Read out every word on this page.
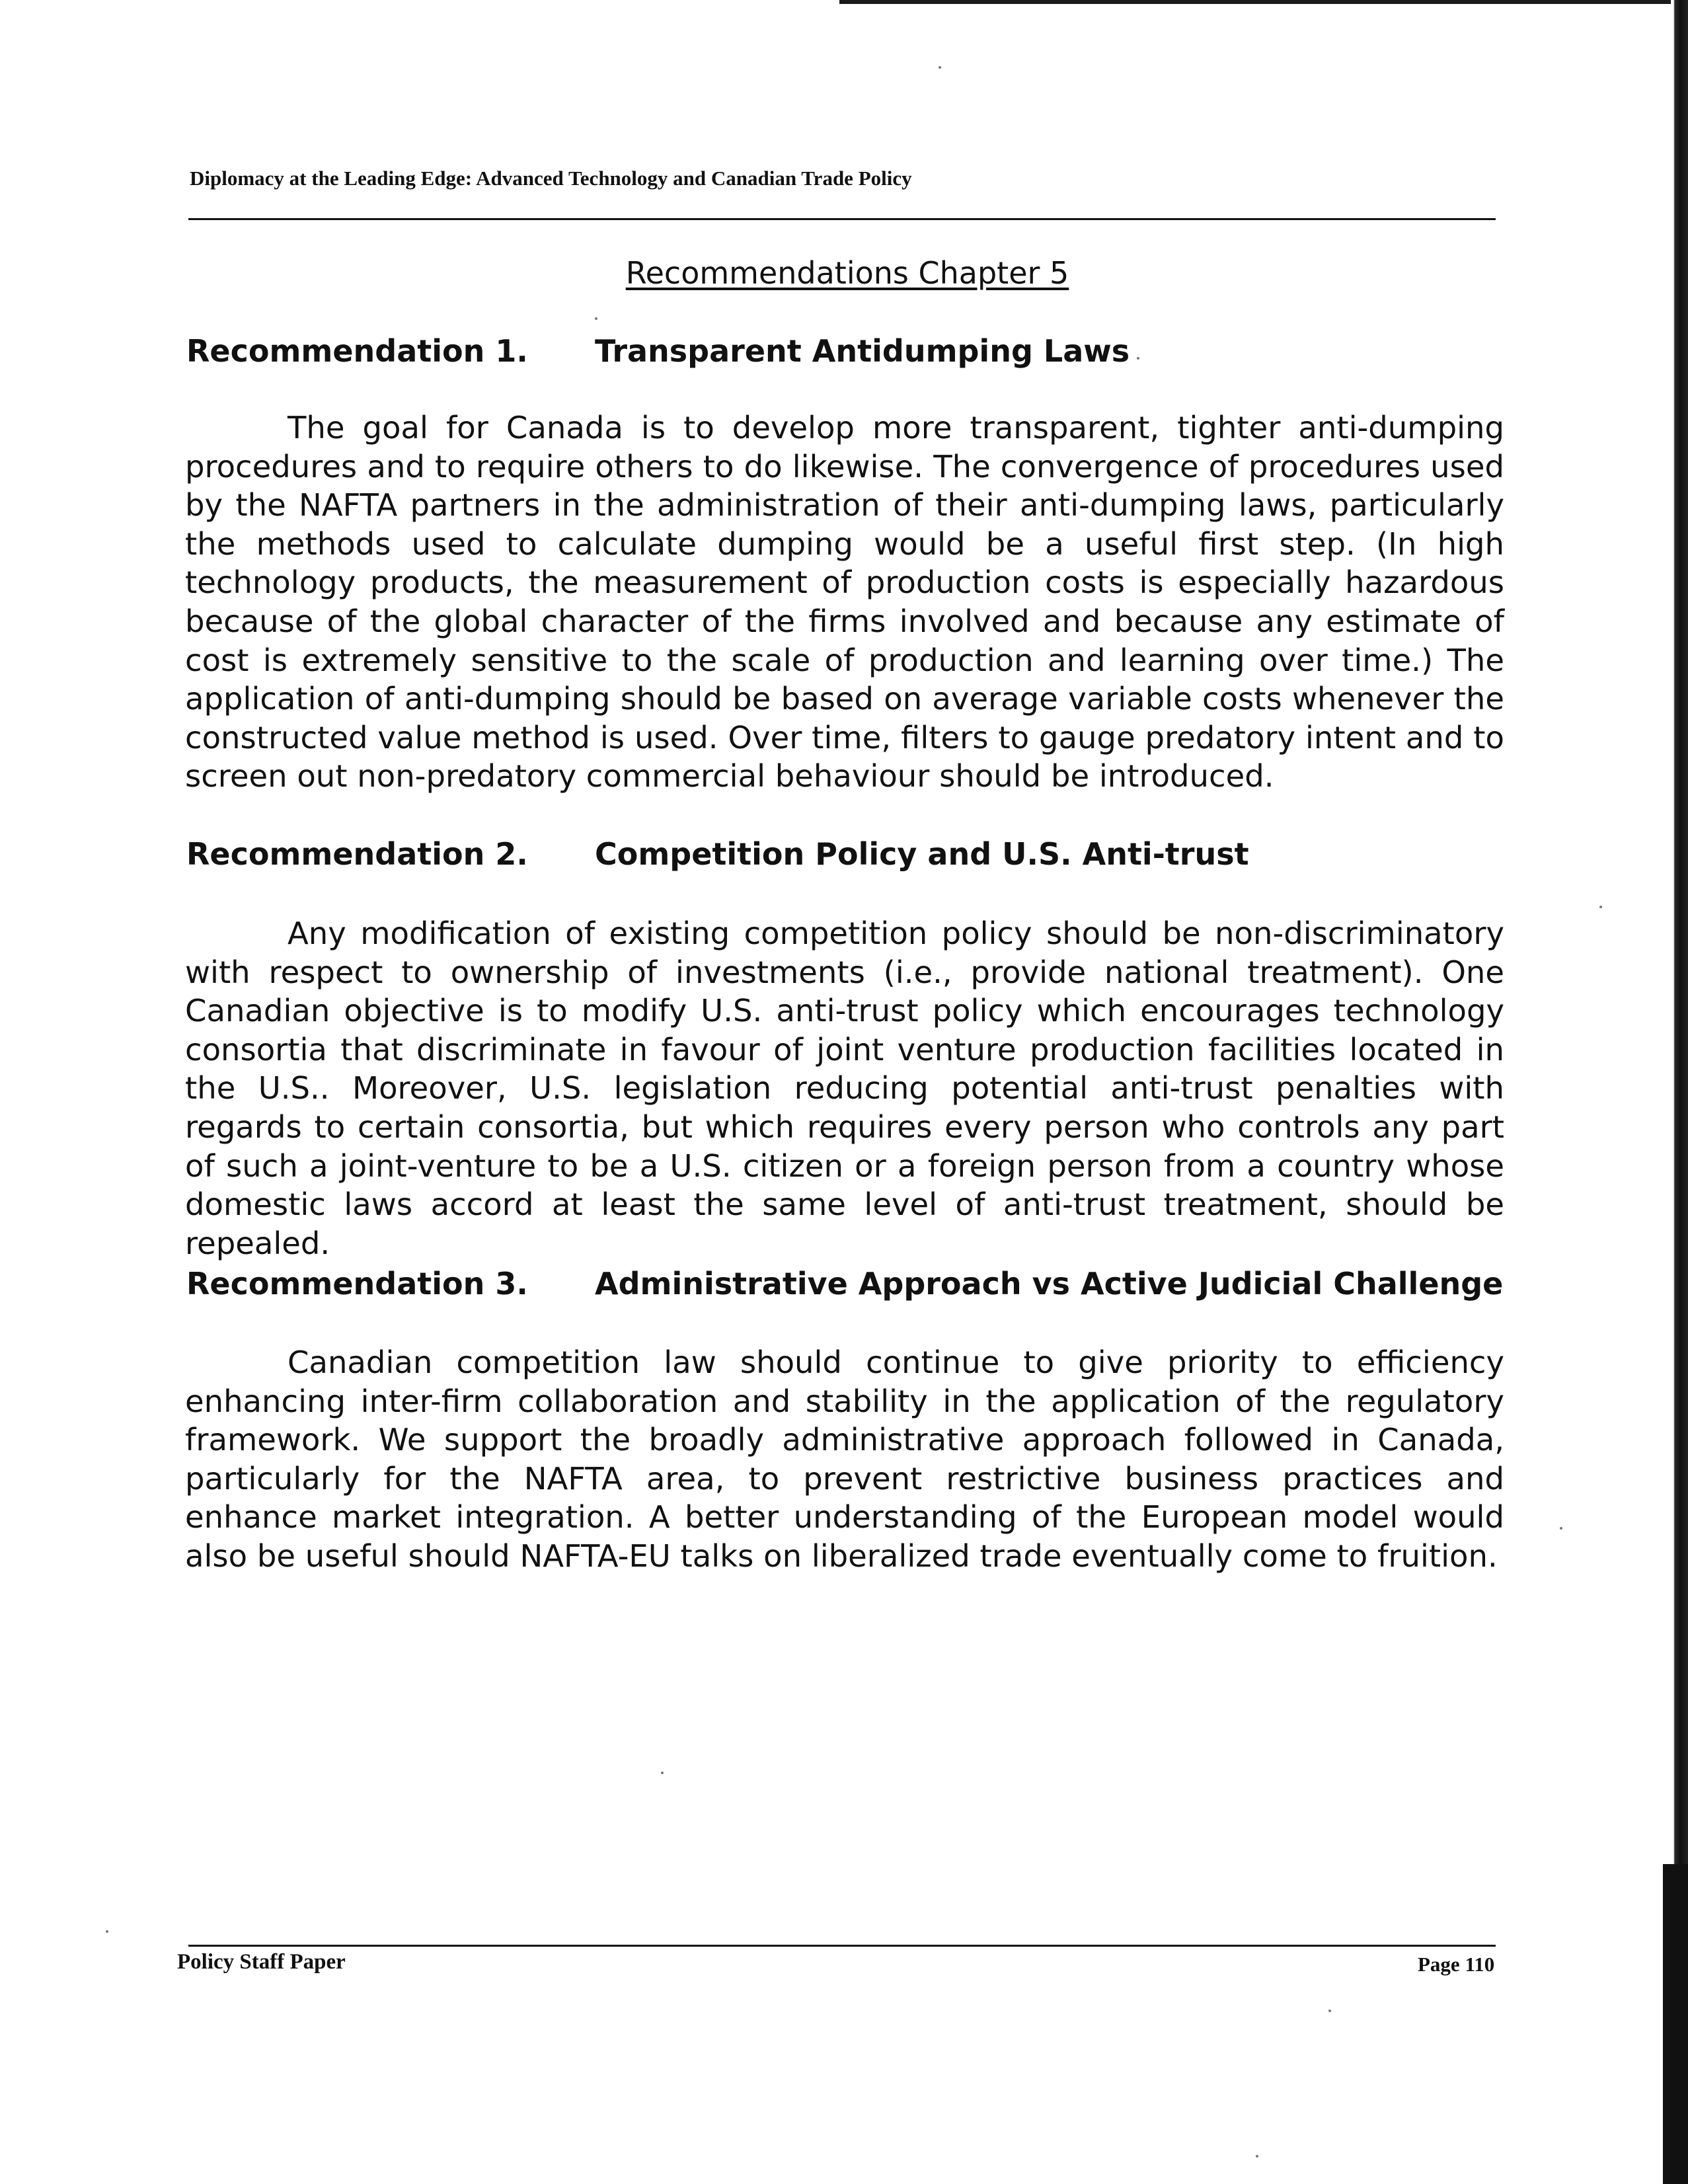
Diplomacy at the Leading Edge: Advanced Technology and Canadian Trade Policy
Recommendations Chapter 5
Recommendation 1. Transparent Antidumping Laws
The goal for Canada is to develop more transparent, tighter anti-dumping procedures and to require others to do likewise. The convergence of procedures used by the NAFTA partners in the administration of their anti-dumping laws, particularly the methods used to calculate dumping would be a useful first step. (In high technology products, the measurement of production costs is especially hazardous because of the global character of the firms involved and because any estimate of cost is extremely sensitive to the scale of production and learning over time.) The application of anti-dumping should be based on average variable costs whenever the constructed value method is used. Over time, filters to gauge predatory intent and to screen out non-predatory commercial behaviour should be introduced.
Recommendation 2. Competition Policy and U.S. Anti-trust
Any modification of existing competition policy should be non-discriminatory with respect to ownership of investments (i.e., provide national treatment). One Canadian objective is to modify U.S. anti-trust policy which encourages technology consortia that discriminate in favour of joint venture production facilities located in the U.S.. Moreover, U.S. legislation reducing potential anti-trust penalties with regards to certain consortia, but which requires every person who controls any part of such a joint-venture to be a U.S. citizen or a foreign person from a country whose domestic laws accord at least the same level of anti-trust treatment, should be repealed.
Recommendation 3. Administrative Approach vs Active Judicial Challenge
Canadian competition law should continue to give priority to efficiency enhancing inter-firm collaboration and stability in the application of the regulatory framework. We support the broadly administrative approach followed in Canada, particularly for the NAFTA area, to prevent restrictive business practices and enhance market integration. A better understanding of the European model would also be useful should NAFTA-EU talks on liberalized trade eventually come to fruition.
Policy Staff Paper	Page 110
